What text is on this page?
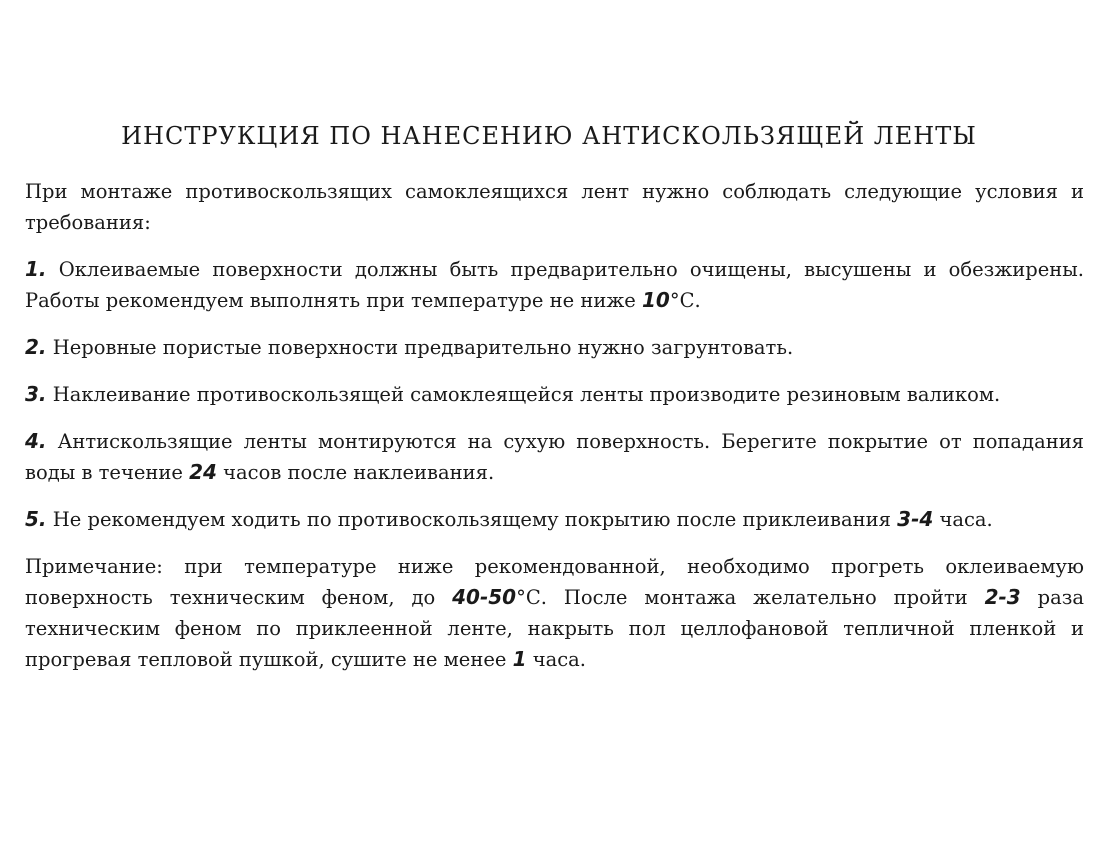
ИНСТРУКЦИЯ ПО НАНЕСЕНИЮ АНТИСКОЛЬЗЯЩЕЙ ЛЕНТЫ

При монтаже противоскользящих самоклеящихся лент нужно соблюдать следующие условия и требования:

1. Оклеиваемые поверхности должны быть предварительно очищены, высушены и обезжирены. Работы рекомендуем выполнять при температуре не ниже 10°С.

2. Неровные пористые поверхности предварительно нужно загрунтовать.

3. Наклеивание противоскользящей самоклеящейся ленты производите резиновым валиком.

4. Антискользящие ленты монтируются на сухую поверхность. Берегите покрытие от попадания воды в течение 24 часов после наклеивания.

5. Не рекомендуем ходить по противоскользящему покрытию после приклеивания 3-4 часа.

Примечание: при температуре ниже рекомендованной, необходимо прогреть оклеиваемую поверхность техническим феном, до 40-50°С. После монтажа желательно пройти 2-3 раза техническим феном по приклеенной ленте, накрыть пол целлофановой тепличной пленкой и прогревая тепловой пушкой, сушите не менее 1 часа.
